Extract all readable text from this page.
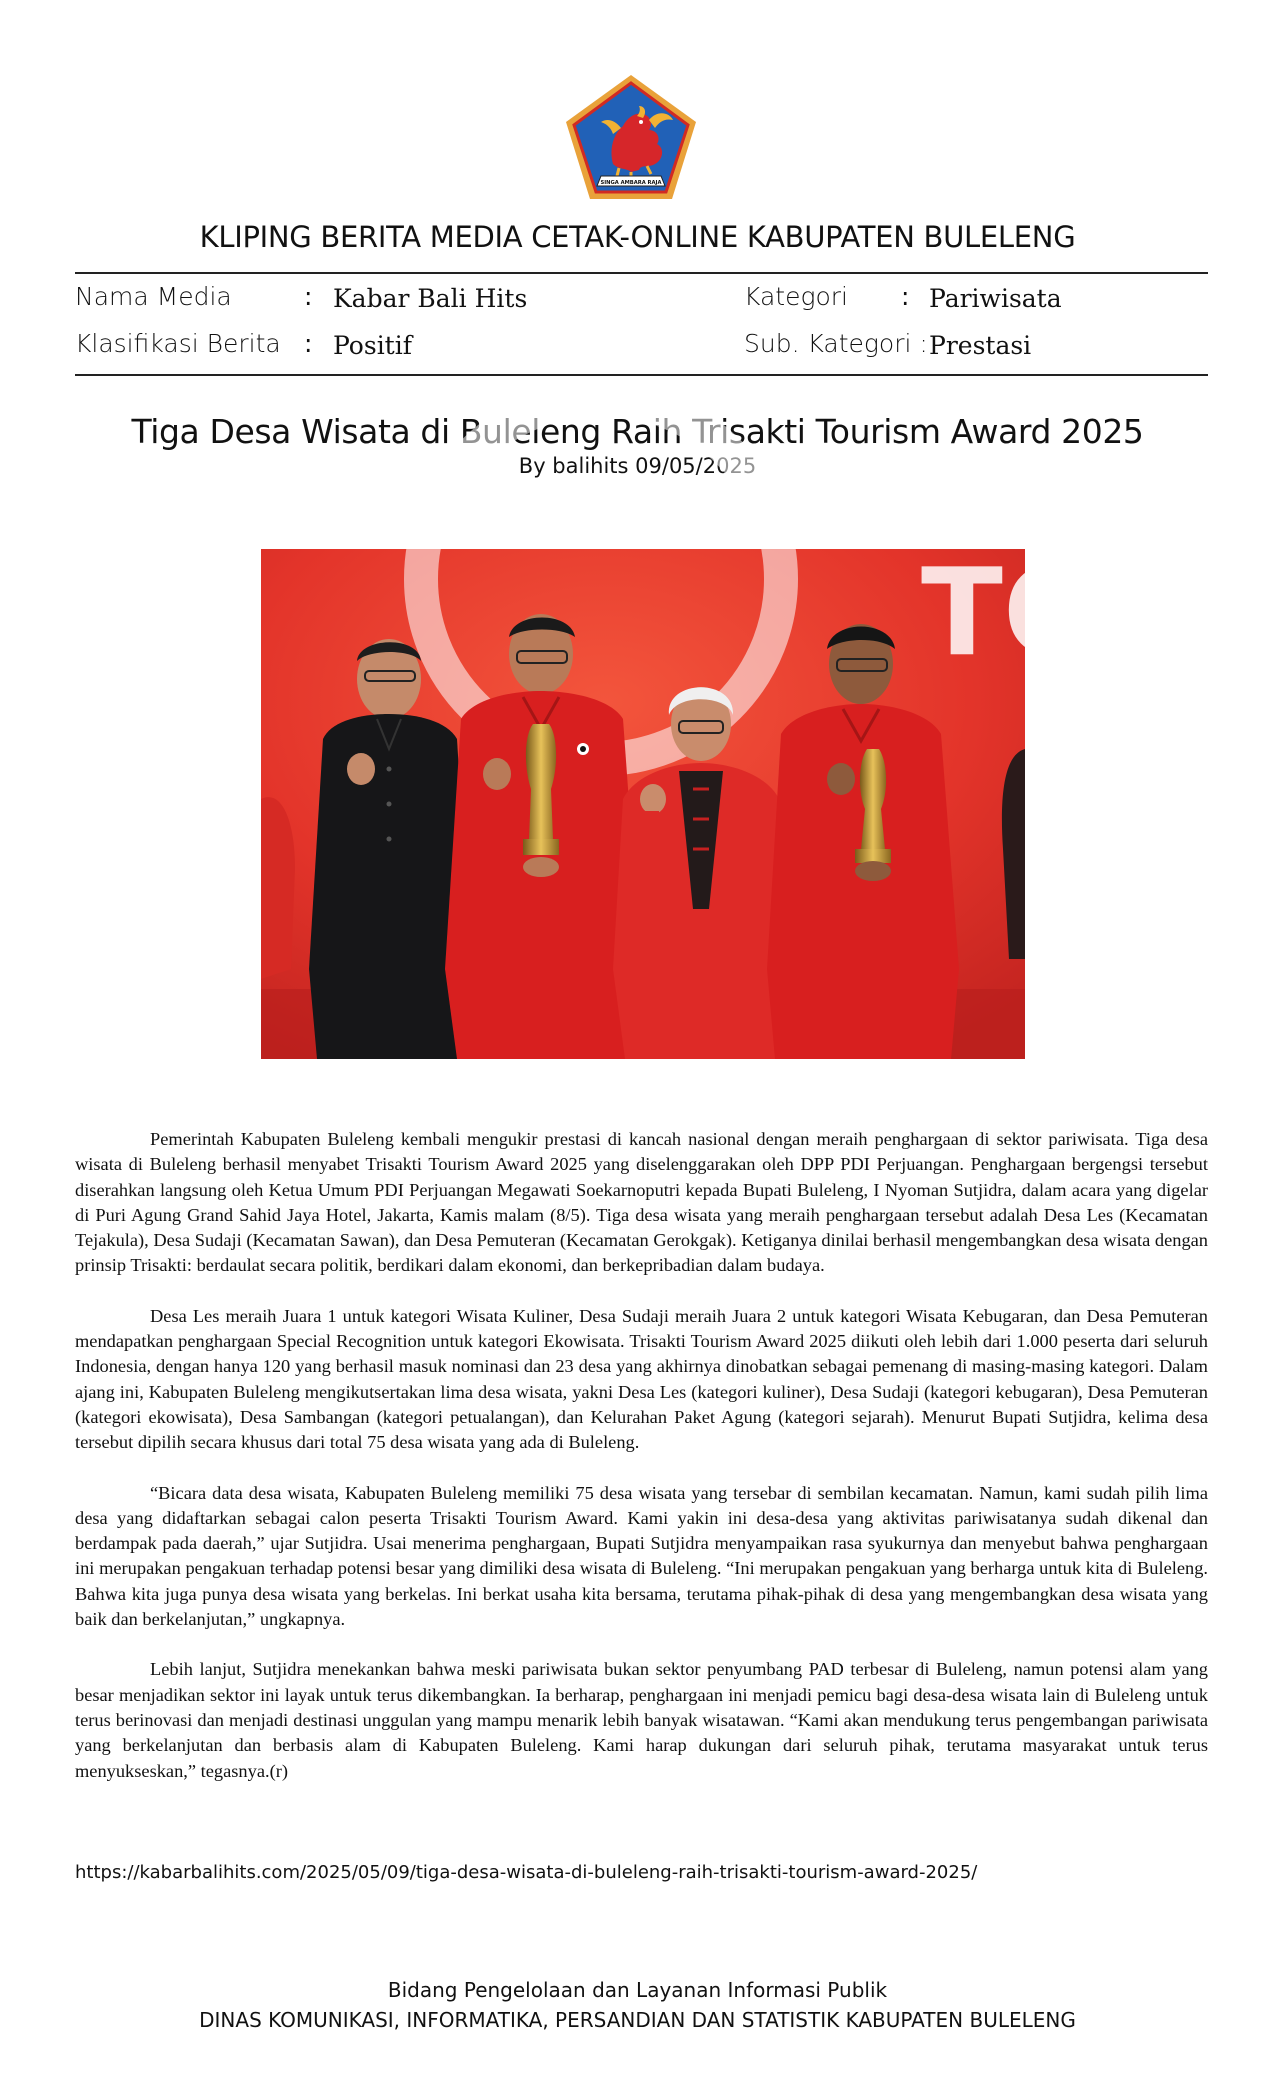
SINGA AMBARA RAJA
KLIPING BERITA MEDIA CETAK-ONLINE KABUPATEN BULELENG
Nama Media	: Kabar Bali Hits
Klasifikasi Berita : Positif
Kategori : Pariwisata
Sub. Kategori : Prestasi
Tiga Desa Wisata di Buleleng Raih Trisakti Tourism Award 2025
By balihits 09/05/2025
TO

Pemerintah Kabupaten Buleleng kembali mengukir prestasi di kancah nasional dengan meraih penghargaan di sektor pariwisata. Tiga desa wisata di Buleleng berhasil menyabet Trisakti Tourism Award 2025 yang diselenggarakan oleh DPP PDI Perjuangan. Penghargaan bergengsi tersebut diserahkan langsung oleh Ketua Umum PDI Perjuangan Megawati Soekarnoputri kepada Bupati Buleleng, I Nyoman Sutjidra, dalam acara yang digelar di Puri Agung Grand Sahid Jaya Hotel, Jakarta, Kamis malam (8/5). Tiga desa wisata yang meraih penghargaan tersebut adalah Desa Les (Kecamatan Tejakula), Desa Sudaji (Kecamatan Sawan), dan Desa Pemuteran (Kecamatan Gerokgak). Ketiganya dinilai berhasil mengembangkan desa wisata dengan prinsip Trisakti: berdaulat secara politik, berdikari dalam ekonomi, dan berkepribadian dalam budaya.

Desa Les meraih Juara 1 untuk kategori Wisata Kuliner, Desa Sudaji meraih Juara 2 untuk kategori Wisata Kebugaran, dan Desa Pemuteran mendapatkan penghargaan Special Recognition untuk kategori Ekowisata. Trisakti Tourism Award 2025 diikuti oleh lebih dari 1.000 peserta dari seluruh Indonesia, dengan hanya 120 yang berhasil masuk nominasi dan 23 desa yang akhirnya dinobatkan sebagai pemenang di masing-masing kategori. Dalam ajang ini, Kabupaten Buleleng mengikutsertakan lima desa wisata, yakni Desa Les (kategori kuliner), Desa Sudaji (kategori kebugaran), Desa Pemuteran (kategori ekowisata), Desa Sambangan (kategori petualangan), dan Kelurahan Paket Agung (kategori sejarah). Menurut Bupati Sutjidra, kelima desa tersebut dipilih secara khusus dari total 75 desa wisata yang ada di Buleleng.

“Bicara data desa wisata, Kabupaten Buleleng memiliki 75 desa wisata yang tersebar di sembilan kecamatan. Namun, kami sudah pilih lima desa yang didaftarkan sebagai calon peserta Trisakti Tourism Award. Kami yakin ini desa-desa yang aktivitas pariwisatanya sudah dikenal dan berdampak pada daerah,” ujar Sutjidra. Usai menerima penghargaan, Bupati Sutjidra menyampaikan rasa syukurnya dan menyebut bahwa penghargaan ini merupakan pengakuan terhadap potensi besar yang dimiliki desa wisata di Buleleng. “Ini merupakan pengakuan yang berharga untuk kita di Buleleng. Bahwa kita juga punya desa wisata yang berkelas. Ini berkat usaha kita bersama, terutama pihak-pihak di desa yang mengembangkan desa wisata yang baik dan berkelanjutan,” ungkapnya.

Lebih lanjut, Sutjidra menekankan bahwa meski pariwisata bukan sektor penyumbang PAD terbesar di Buleleng, namun potensi alam yang besar menjadikan sektor ini layak untuk terus dikembangkan. Ia berharap, penghargaan ini menjadi pemicu bagi desa-desa wisata lain di Buleleng untuk terus berinovasi dan menjadi destinasi unggulan yang mampu menarik lebih banyak wisatawan. “Kami akan mendukung terus pengembangan pariwisata yang berkelanjutan dan berbasis alam di Kabupaten Buleleng. Kami harap dukungan dari seluruh pihak, terutama masyarakat untuk terus menyukseskan,” tegasnya.(r)

https://kabarbalihits.com/2025/05/09/tiga-desa-wisata-di-buleleng-raih-trisakti-tourism-award-2025/
Bidang Pengelolaan dan Layanan Informasi Publik
DINAS KOMUNIKASI, INFORMATIKA, PERSANDIAN DAN STATISTIK KABUPATEN BULELENG
